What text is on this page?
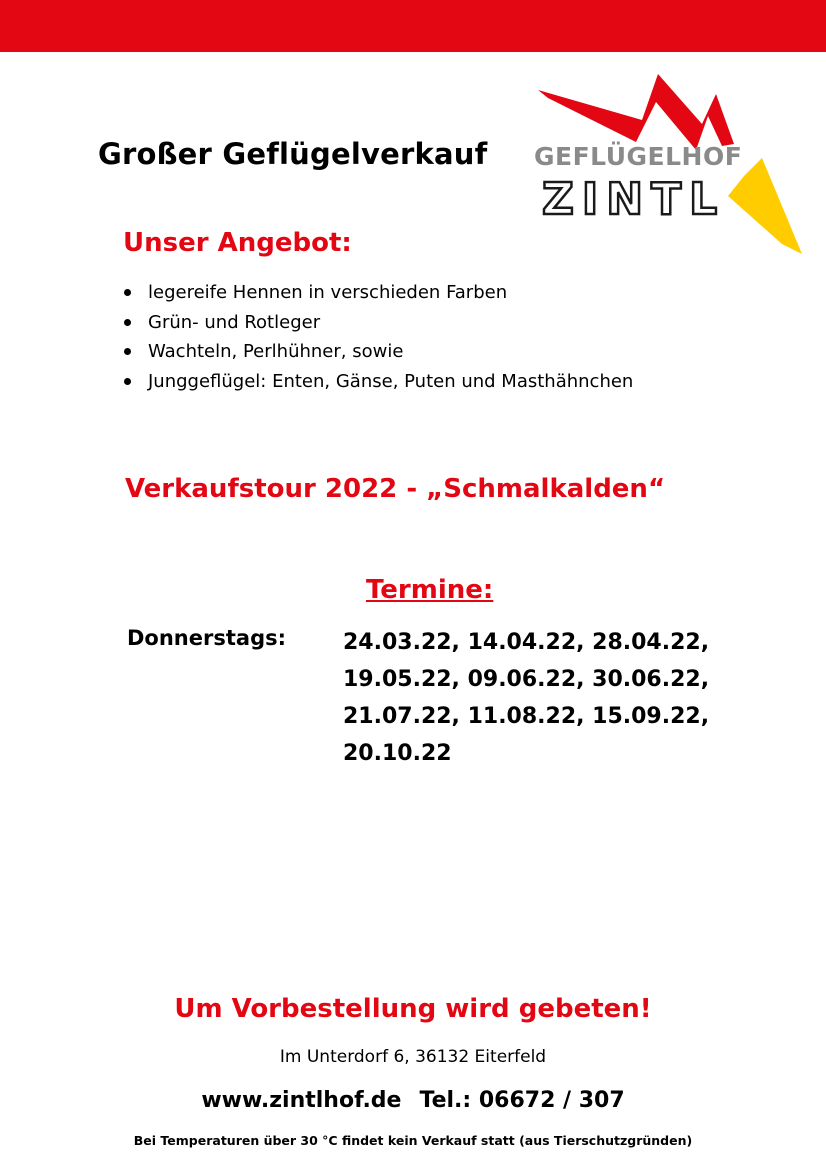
Großer Geflügelverkauf GEFLÜGELHOF
ZINTL
Unser Angebot:
legereife Hennen in verschieden Farben
Grün- und Rotleger
Wachteln, Perlhühner, sowie
Junggeflügel: Enten, Gänse, Puten und Masthähnchen
Verkaufstour 2022 - „Schmalkalden“
Termine:
Donnerstags:	24.03.22, 14.04.22, 28.04.22,
19.05.22, 09.06.22, 30.06.22,
21.07.22, 11.08.22, 15.09.22,
20.10.22
Um Vorbestellung wird gebeten!
Im Unterdorf 6, 36132 Eiterfeld
www.zintlhof.de Tel.: 06672 / 307
Bei Temperaturen über 30 °C findet kein Verkauf statt (aus Tierschutzgründen)
